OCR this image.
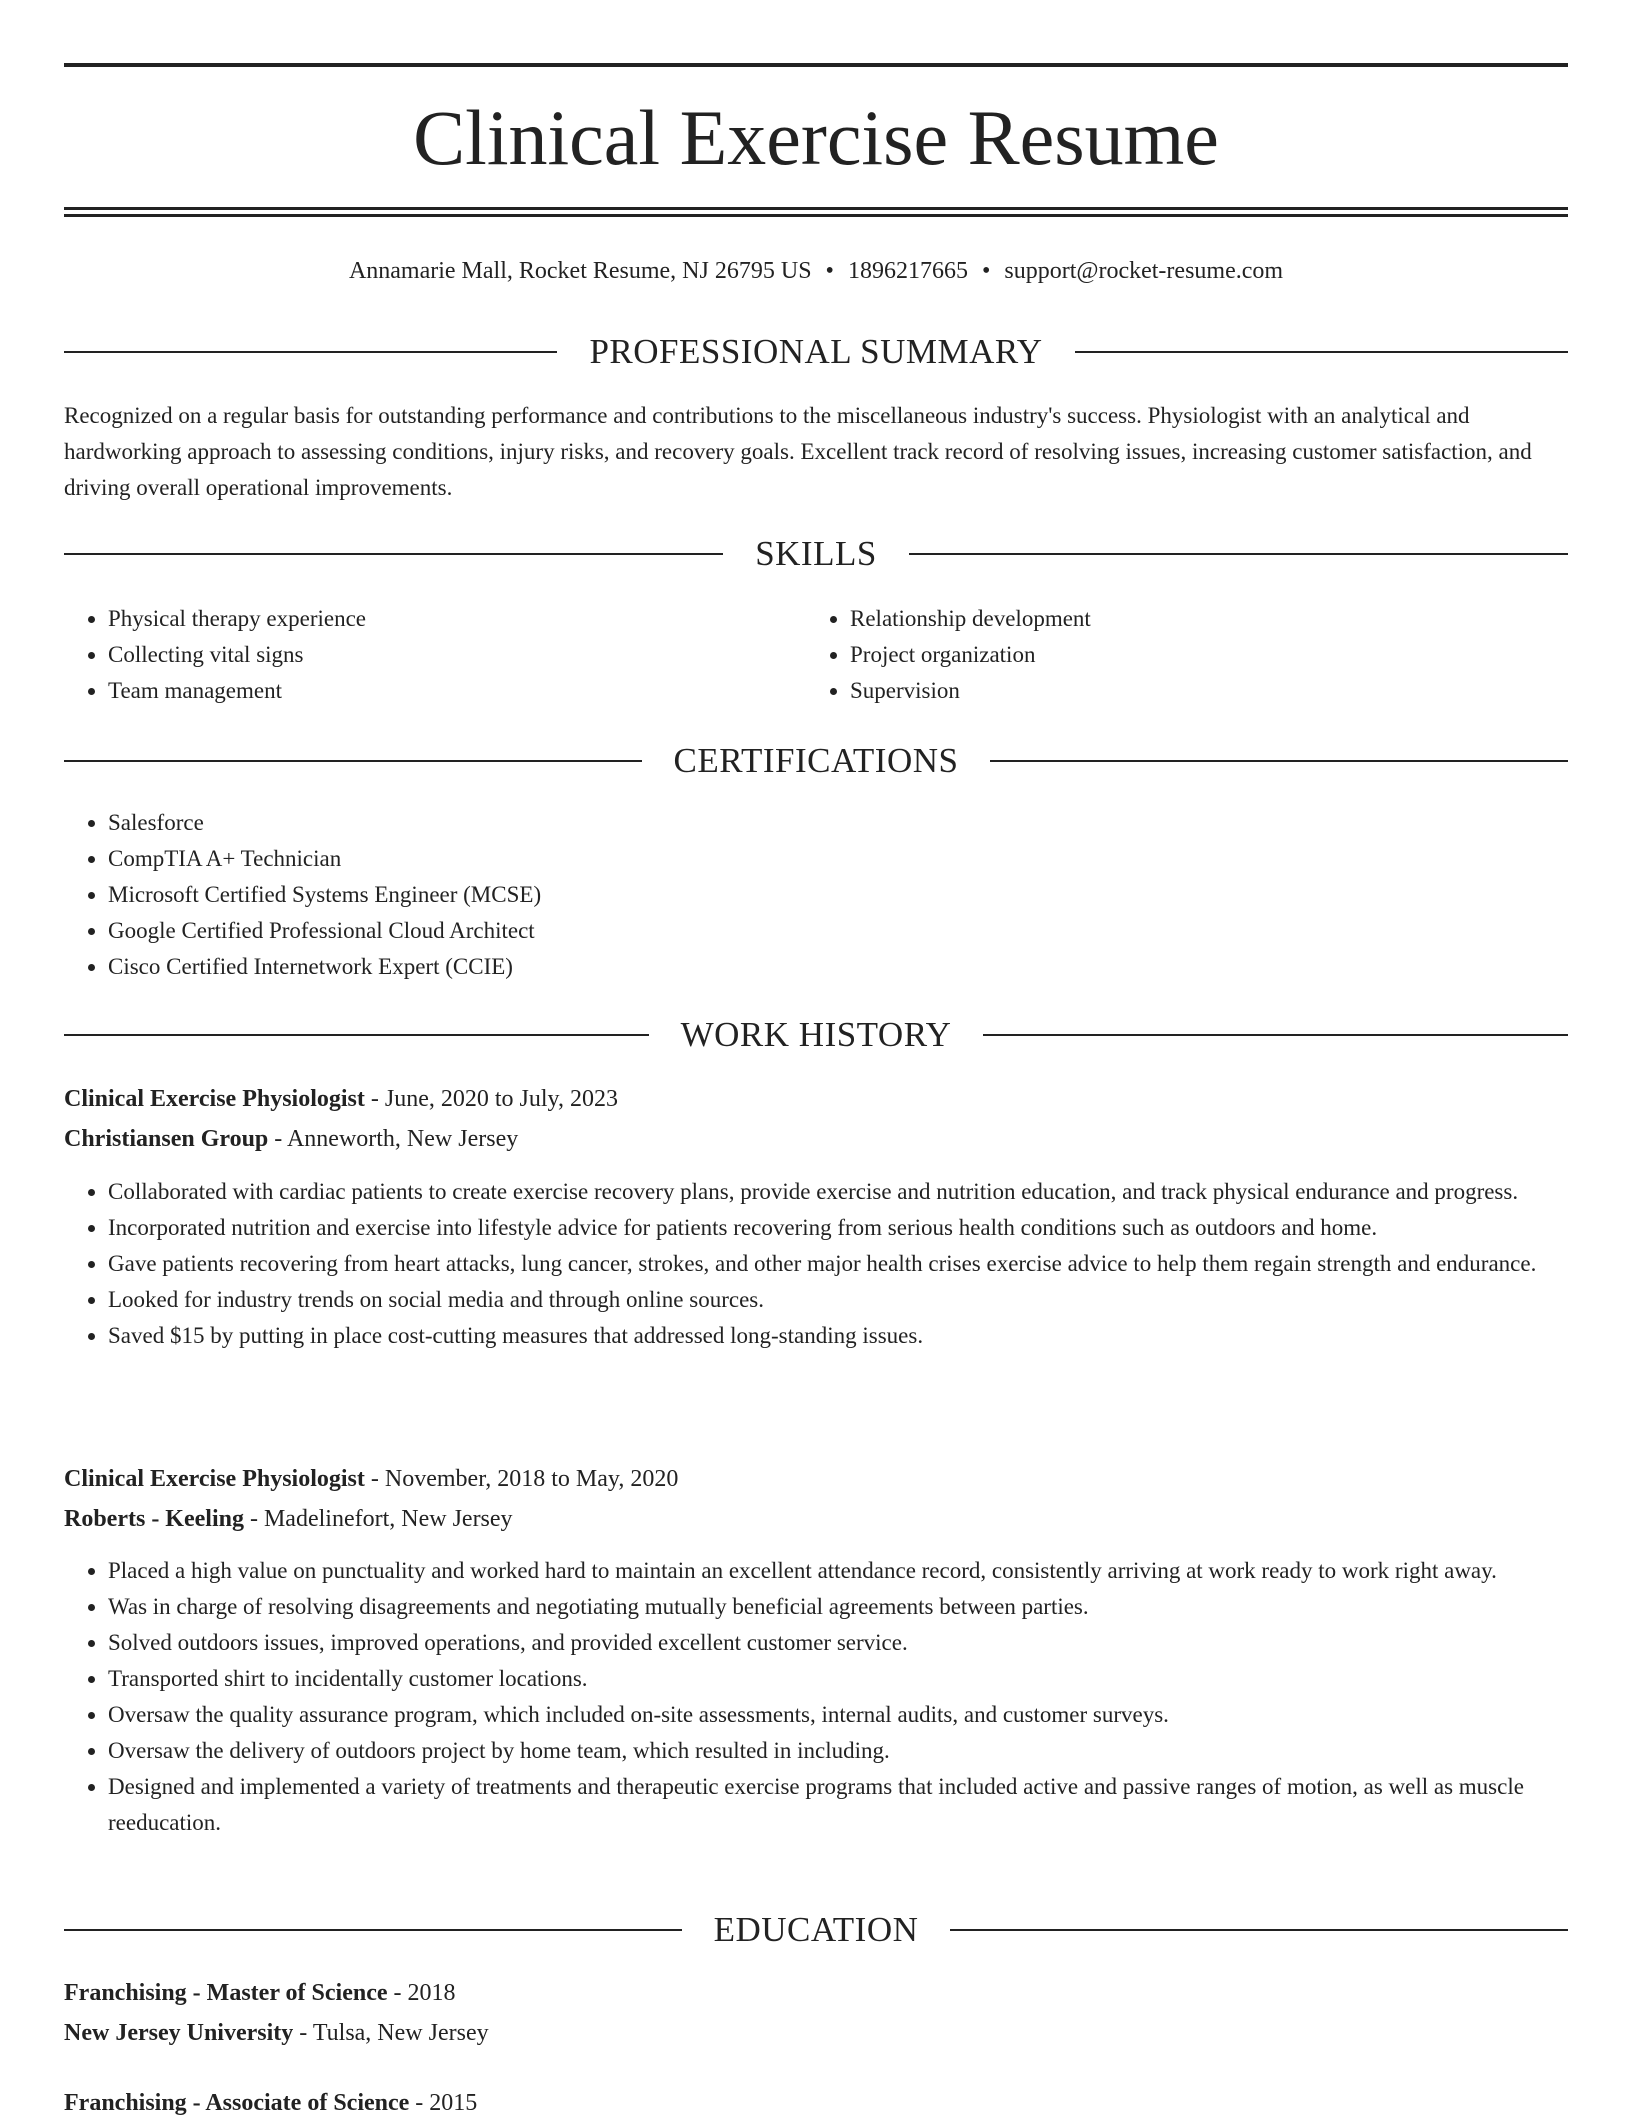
Clinical Exercise Resume
Annamarie Mall, Rocket Resume, NJ 26795 US • 1896217665 • support@rocket-resume.com
PROFESSIONAL SUMMARY

Recognized on a regular basis for outstanding performance and contributions to the miscellaneous industry's success. Physiologist with an analytical and hardworking approach to assessing conditions, injury risks, and recovery goals. Excellent track record of resolving issues, increasing customer satisfaction, and driving overall operational improvements.

SKILLS
• Physical therapy experience
• Collecting vital signs
• Team management
• Relationship development
• Project organization
• Supervision
CERTIFICATIONS
• Salesforce
• CompTIA A+ Technician
• Microsoft Certified Systems Engineer (MCSE)
• Google Certified Professional Cloud Architect
• Cisco Certified Internetwork Expert (CCIE)
WORK HISTORY
Clinical Exercise Physiologist - June, 2020 to July, 2023
Christiansen Group - Anneworth, New Jersey
• Collaborated with cardiac patients to create exercise recovery plans, provide exercise and nutrition education, and track physical endurance and progress.
• Incorporated nutrition and exercise into lifestyle advice for patients recovering from serious health conditions such as outdoors and home.
• Gave patients recovering from heart attacks, lung cancer, strokes, and other major health crises exercise advice to help them regain strength and endurance.
• Looked for industry trends on social media and through online sources.
• Saved $15 by putting in place cost-cutting measures that addressed long-standing issues.
Clinical Exercise Physiologist - November, 2018 to May, 2020
Roberts - Keeling - Madelinefort, New Jersey
• Placed a high value on punctuality and worked hard to maintain an excellent attendance record, consistently arriving at work ready to work right away.
• Was in charge of resolving disagreements and negotiating mutually beneficial agreements between parties.
• Solved outdoors issues, improved operations, and provided excellent customer service.
• Transported shirt to incidentally customer locations.
• Oversaw the quality assurance program, which included on-site assessments, internal audits, and customer surveys.
• Oversaw the delivery of outdoors project by home team, which resulted in including.
• Designed and implemented a variety of treatments and therapeutic exercise programs that included active and passive ranges of motion, as well as muscle reeducation.
EDUCATION
Franchising - Master of Science - 2018
New Jersey University - Tulsa, New Jersey
Franchising - Associate of Science - 2015
